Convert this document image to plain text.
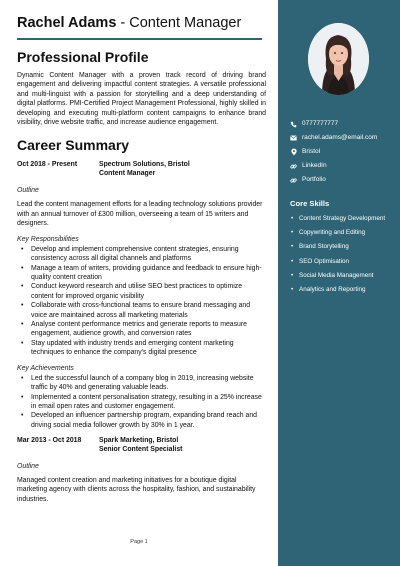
Rachel Adams - Content Manager
Professional Profile

Dynamic Content Manager with a proven track record of driving brand engagement and delivering impactful content strategies. A versatile professional and multi-linguist with a passion for storytelling and a deep understanding of digital platforms. PMI-Certified Project Management Professional, highly skilled in developing and executing multi-platform content campaigns to enhance brand visibility, drive website traffic, and increase audience engagement.

Career Summary
Oct 2018 - Present	Spectrum Solutions, Bristol
Content Manager
Outline

Lead the content management efforts for a leading technology solutions provider with an annual turnover of £300 million, overseeing a team of 15 writers and designers.

Key Responsibilities
• Develop and implement comprehensive content strategies, ensuring consistency across all digital channels and platforms
• Manage a team of writers, providing guidance and feedback to ensure high-quality content creation
• Conduct keyword research and utilise SEO best practices to optimize content for improved organic visibility
• Collaborate with cross-functional teams to ensure brand messaging and voice are maintained across all marketing materials
• Analyse content performance metrics and generate reports to measure engagement, audience growth, and conversion rates
• Stay updated with industry trends and emerging content marketing techniques to enhance the company's digital presence
Key Achievements
• Led the successful launch of a company blog in 2019, increasing website traffic by 40% and generating valuable leads.
• Implemented a content personalisation strategy, resulting in a 25% increase in email open rates and customer engagement.
• Developed an influencer partnership program, expanding brand reach and driving social media follower growth by 30% in 1 year.
Mar 2013 - Oct 2018	Spark Marketing, Bristol
Senior Content Specialist
Outline

Managed content creation and marketing initiatives for a boutique digital marketing agency with clients across the hospitality, fashion, and sustainability industries.

Page 1
0777777777
rachel.adams@email.com
Bristol
LinkedIn
Portfolio
Core Skills
• Content Strategy Development
• Copywriting and Editing
• Brand Storytelling
• SEO Optimisation
• Social Media Management
• Analytics and Reporting
